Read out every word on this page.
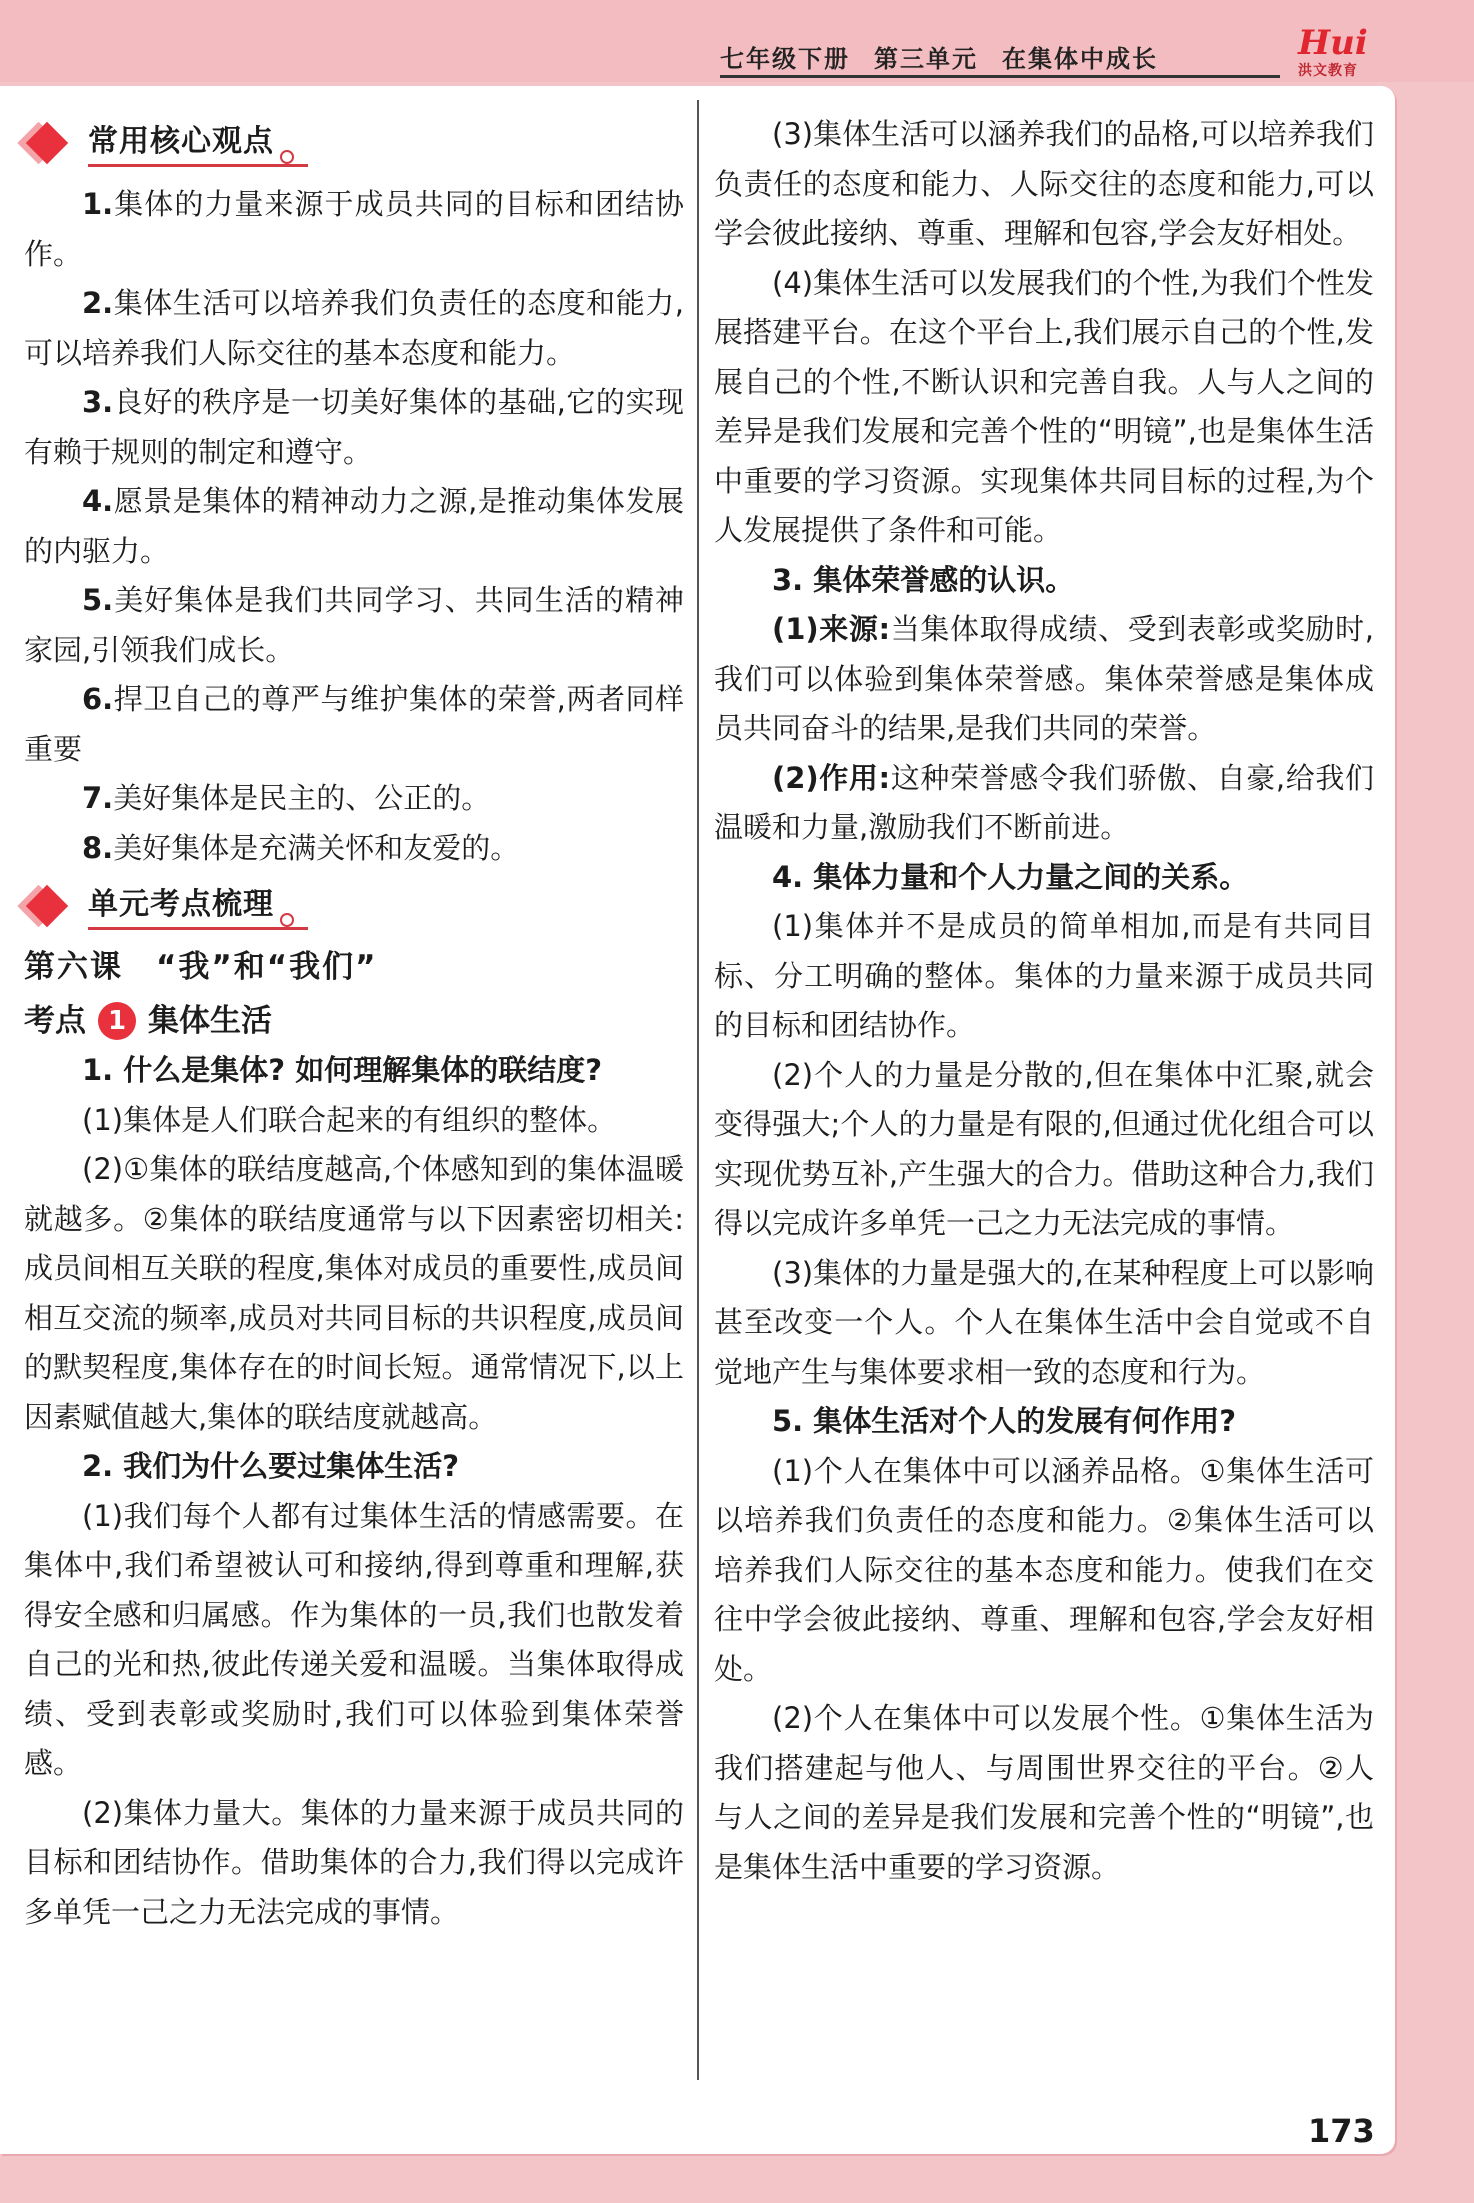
七年级下册 第三单元 在集体中成长	Hui
洪文教育
常用核心观点

1.集体的力量来源于成员共同的目标和团结协作。

2.集体生活可以培养我们负责任的态度和能力,可以培养我们人际交往的基本态度和能力。

3.良好的秩序是一切美好集体的基础,它的实现有赖于规则的制定和遵守。

4.愿景是集体的精神动力之源,是推动集体发展的内驱力。

5.美好集体是我们共同学习、共同生活的精神家园,引领我们成长。

6.捍卫自己的尊严与维护集体的荣誉,两者同样重要

7.美好集体是民主的、公正的。

8.美好集体是充满关怀和友爱的。

单元考点梳理

第六课　“我”和“我们”

考点 1 集体生活

1. 什么是集体? 如何理解集体的联结度?

(1)集体是人们联合起来的有组织的整体。

(2)①集体的联结度越高,个体感知到的集体温暖就越多。②集体的联结度通常与以下因素密切相关:成员间相互关联的程度,集体对成员的重要性,成员间相互交流的频率,成员对共同目标的共识程度,成员间的默契程度,集体存在的时间长短。通常情况下,以上因素赋值越大,集体的联结度就越高。

2. 我们为什么要过集体生活?

(1)我们每个人都有过集体生活的情感需要。在集体中,我们希望被认可和接纳,得到尊重和理解,获得安全感和归属感。作为集体的一员,我们也散发着自己的光和热,彼此传递关爱和温暖。当集体取得成绩、受到表彰或奖励时,我们可以体验到集体荣誉感。

(2)集体力量大。集体的力量来源于成员共同的目标和团结协作。借助集体的合力,我们得以完成许多单凭一己之力无法完成的事情。

(3)集体生活可以涵养我们的品格,可以培养我们负责任的态度和能力、人际交往的态度和能力,可以学会彼此接纳、尊重、理解和包容,学会友好相处。

(4)集体生活可以发展我们的个性,为我们个性发展搭建平台。在这个平台上,我们展示自己的个性,发展自己的个性,不断认识和完善自我。人与人之间的差异是我们发展和完善个性的“明镜”,也是集体生活中重要的学习资源。实现集体共同目标的过程,为个人发展提供了条件和可能。

3. 集体荣誉感的认识。

(1)来源:当集体取得成绩、受到表彰或奖励时,我们可以体验到集体荣誉感。集体荣誉感是集体成员共同奋斗的结果,是我们共同的荣誉。

(2)作用:这种荣誉感令我们骄傲、自豪,给我们温暖和力量,激励我们不断前进。

4. 集体力量和个人力量之间的关系。

(1)集体并不是成员的简单相加,而是有共同目标、分工明确的整体。集体的力量来源于成员共同的目标和团结协作。

(2)个人的力量是分散的,但在集体中汇聚,就会变得强大;个人的力量是有限的,但通过优化组合可以实现优势互补,产生强大的合力。借助这种合力,我们得以完成许多单凭一己之力无法完成的事情。

(3)集体的力量是强大的,在某种程度上可以影响甚至改变一个人。个人在集体生活中会自觉或不自觉地产生与集体要求相一致的态度和行为。

5. 集体生活对个人的发展有何作用?

(1)个人在集体中可以涵养品格。①集体生活可以培养我们负责任的态度和能力。②集体生活可以培养我们人际交往的基本态度和能力。使我们在交往中学会彼此接纳、尊重、理解和包容,学会友好相处。

(2)个人在集体中可以发展个性。①集体生活为我们搭建起与他人、与周围世界交往的平台。②人与人之间的差异是我们发展和完善个性的“明镜”,也是集体生活中重要的学习资源。

173
